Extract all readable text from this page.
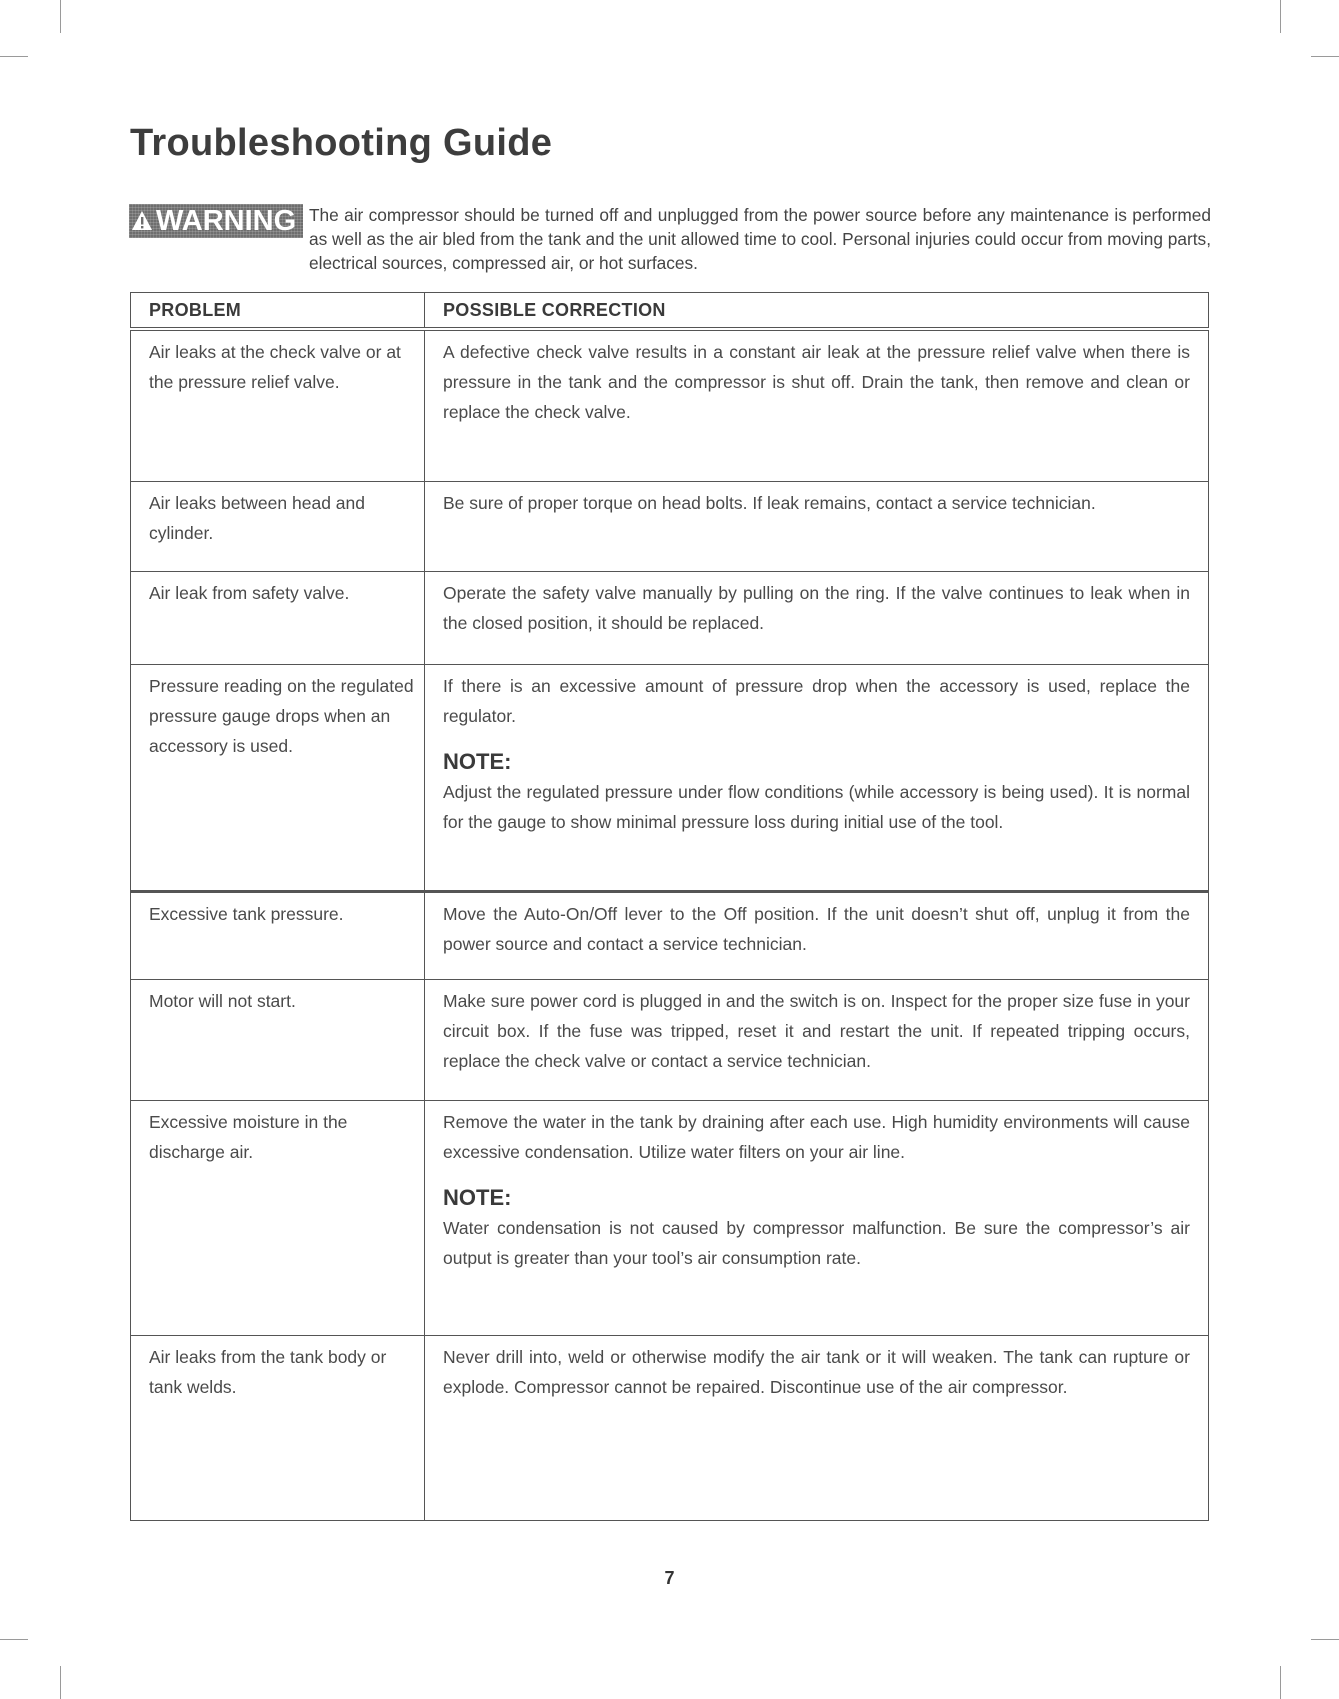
Troubleshooting Guide
WARNING The air compressor should be turned off and unplugged from the power source before any maintenance is performed as well as the air bled from the tank and the unit allowed time to cool. Personal injuries could occur from moving parts, electrical sources, compressed air, or hot surfaces.

PROBLEM	POSSIBLE CORRECTION
Air leaks at the check valve or at the pressure relief valve.	A defective check valve results in a constant air leak at the pressure relief valve when there is pressure in the tank and the compressor is shut off. Drain the tank, then remove and clean or replace the check valve.
Air leaks between head and cylinder.	Be sure of proper torque on head bolts. If leak remains, contact a service technician.
Air leak from safety valve.	Operate the safety valve manually by pulling on the ring. If the valve continues to leak when in the closed position, it should be replaced.
Pressure reading on the regulated pressure gauge drops when an accessory is used.	If there is an excessive amount of pressure drop when the accessory is used, replace the regulator.
NOTE:
Adjust the regulated pressure under flow conditions (while accessory is being used). It is normal for the gauge to show minimal pressure loss during initial use of the tool.

Excessive tank pressure.	Move the Auto-On/Off lever to the Off position. If the unit doesn’t shut off, unplug it from the power source and contact a service technician.
Motor will not start.	Make sure power cord is plugged in and the switch is on. Inspect for the proper size fuse in your circuit box. If the fuse was tripped, reset it and restart the unit. If repeated tripping occurs, replace the check valve or contact a service technician.
Excessive moisture in the discharge air.	Remove the water in the tank by draining after each use. High humidity environments will cause excessive condensation. Utilize water filters on your air line.
NOTE:
Water condensation is not caused by compressor malfunction. Be sure the compressor’s air output is greater than your tool’s air consumption rate.

Air leaks from the tank body or tank welds.	Never drill into, weld or otherwise modify the air tank or it will weaken. The tank can rupture or explode. Compressor cannot be repaired. Discontinue use of the air compressor.
7
